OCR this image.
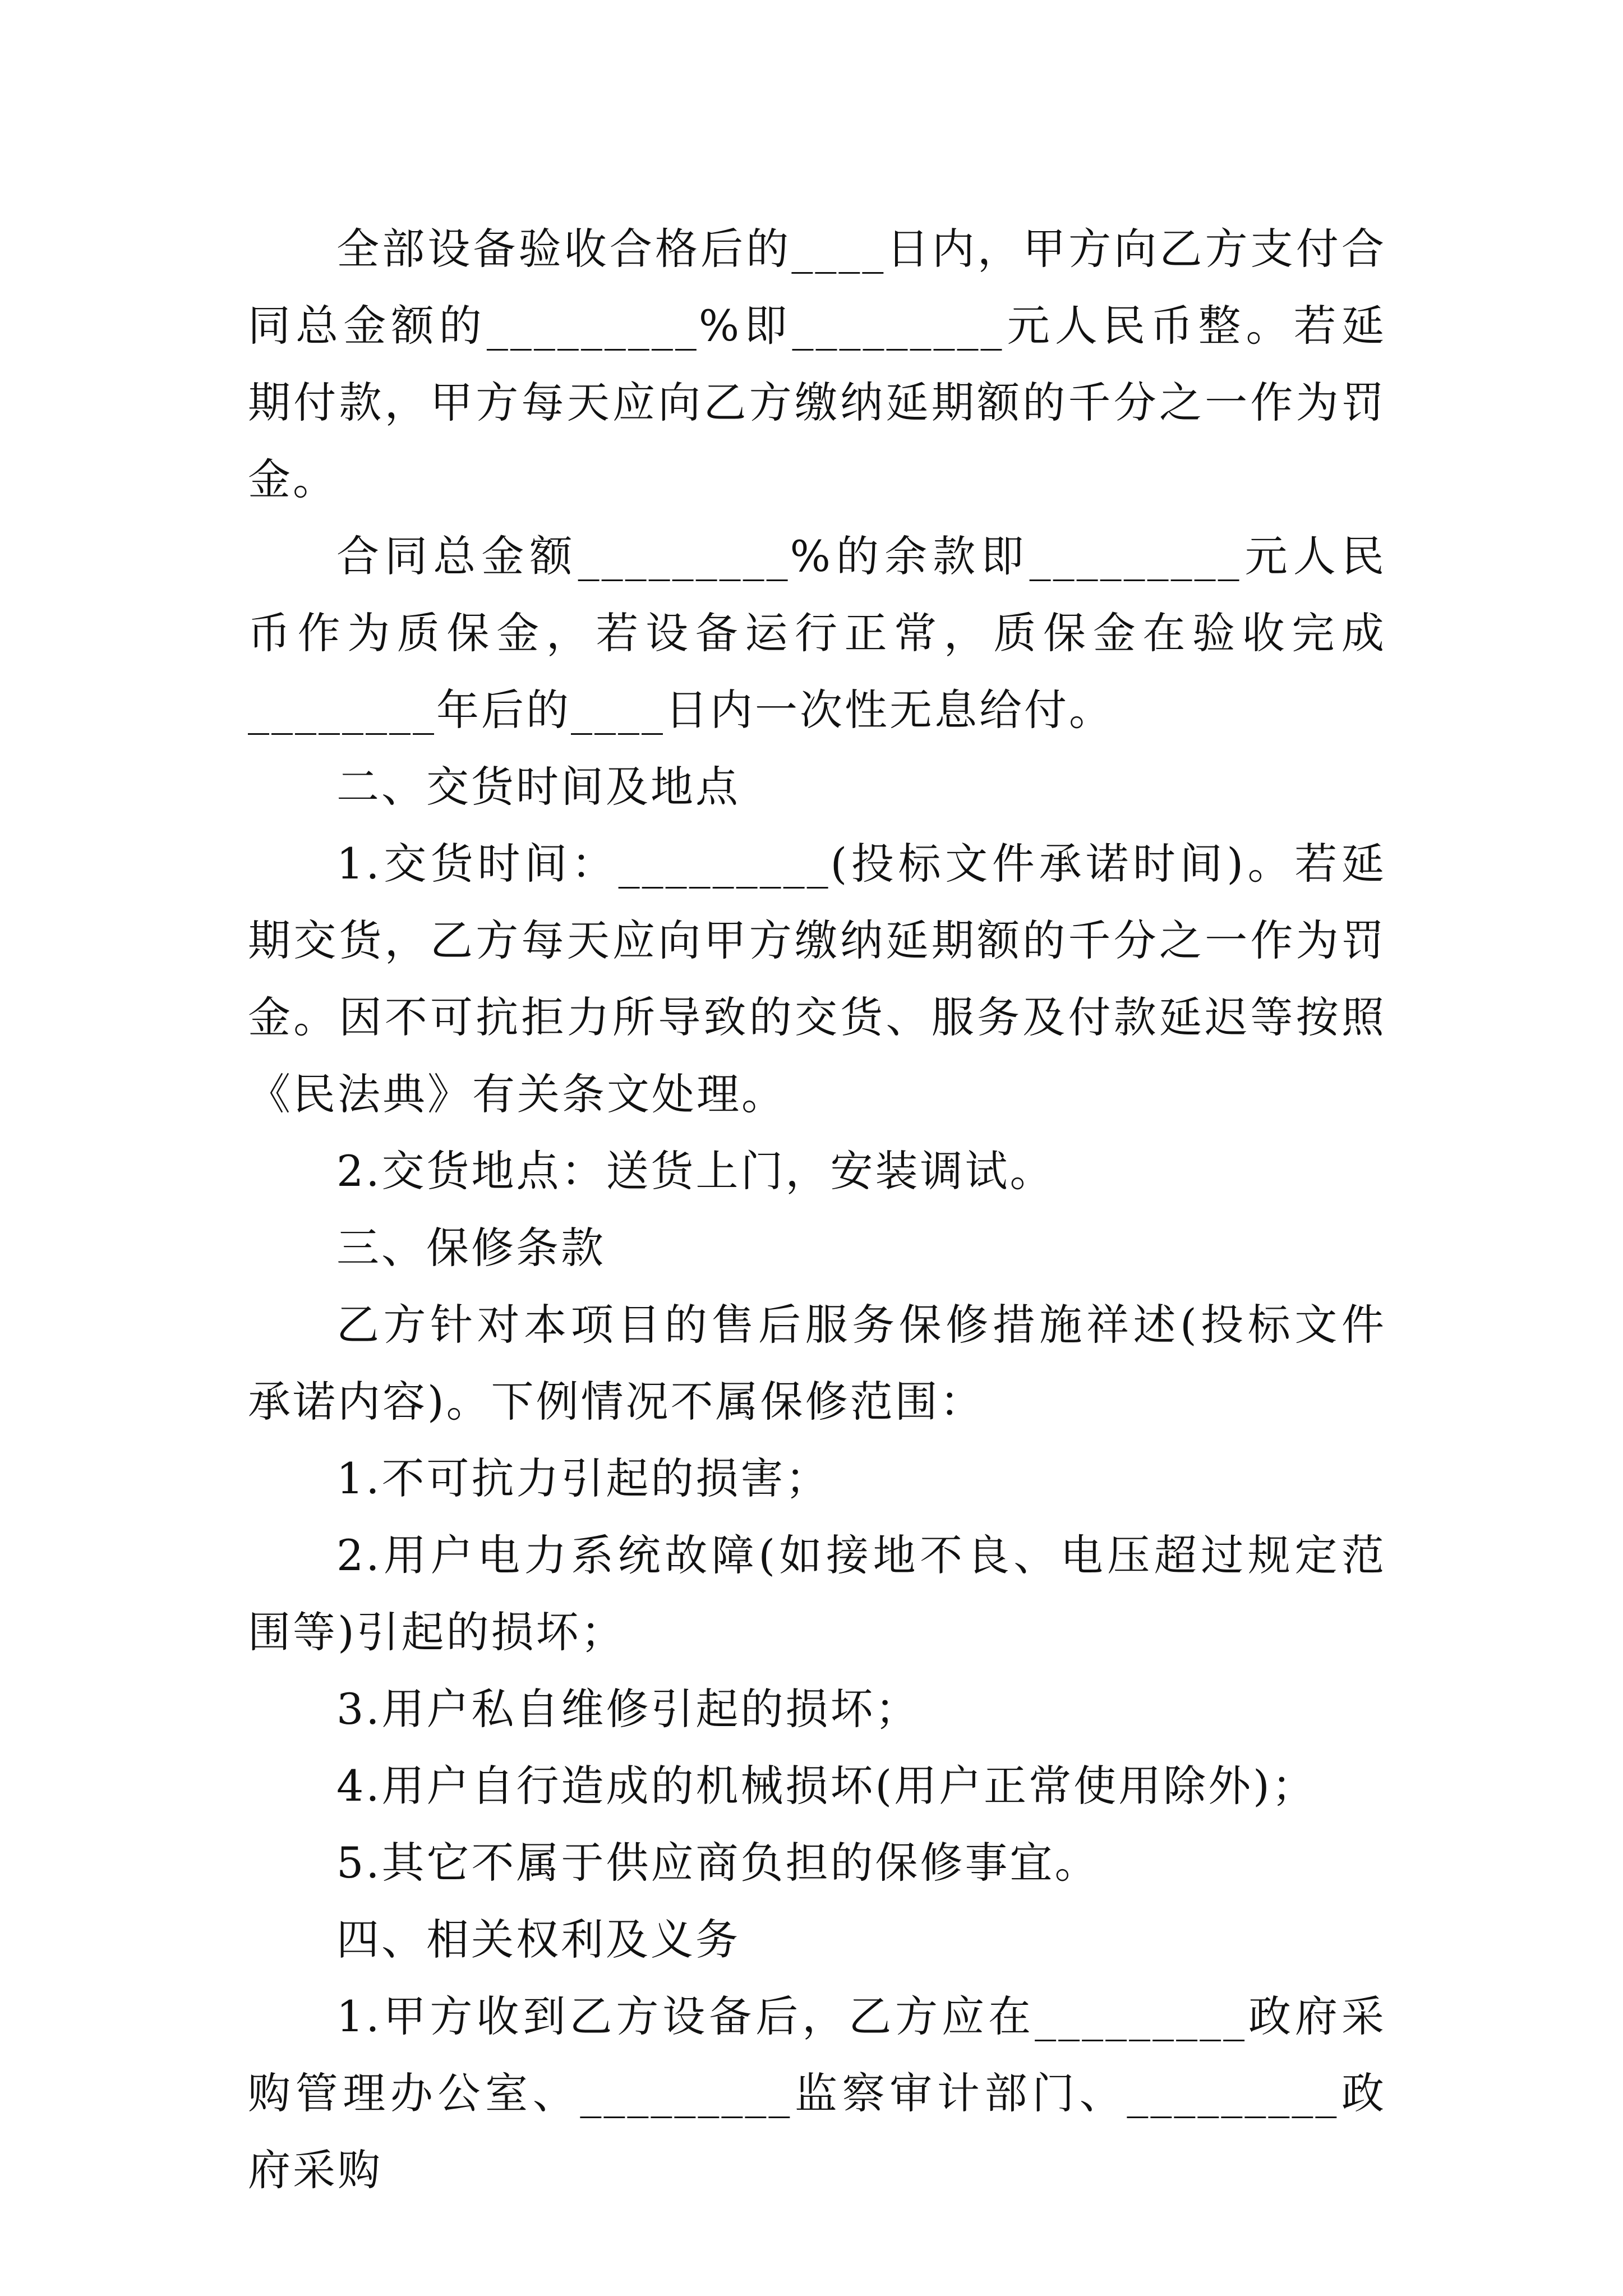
全部设备验收合格后的____日内，甲方向乙方支付合同总金额的_________%即_________元人民币整。若延期付款，甲方每天应向乙方缴纳延期额的千分之一作为罚金。

合同总金额_________%的余款即_________元人民币作为质保金，若设备运行正常，质保金在验收完成________年后的____日内一次性无息给付。

二、交货时间及地点

1.交货时间：_________(投标文件承诺时间)。若延期交货，乙方每天应向甲方缴纳延期额的千分之一作为罚金。因不可抗拒力所导致的交货、服务及付款延迟等按照《民法典》有关条文处理。

2.交货地点：送货上门，安装调试。

三、保修条款

乙方针对本项目的售后服务保修措施祥述(投标文件承诺内容)。下例情况不属保修范围：

1.不可抗力引起的损害；

2.用户电力系统故障(如接地不良、电压超过规定范围等)引起的损坏；

3.用户私自维修引起的损坏；

4.用户自行造成的机械损坏(用户正常使用除外)；

5.其它不属于供应商负担的保修事宜。

四、相关权利及义务

1.甲方收到乙方设备后，乙方应在_________政府采购管理办公室、_________监察审计部门、_________政府采购
